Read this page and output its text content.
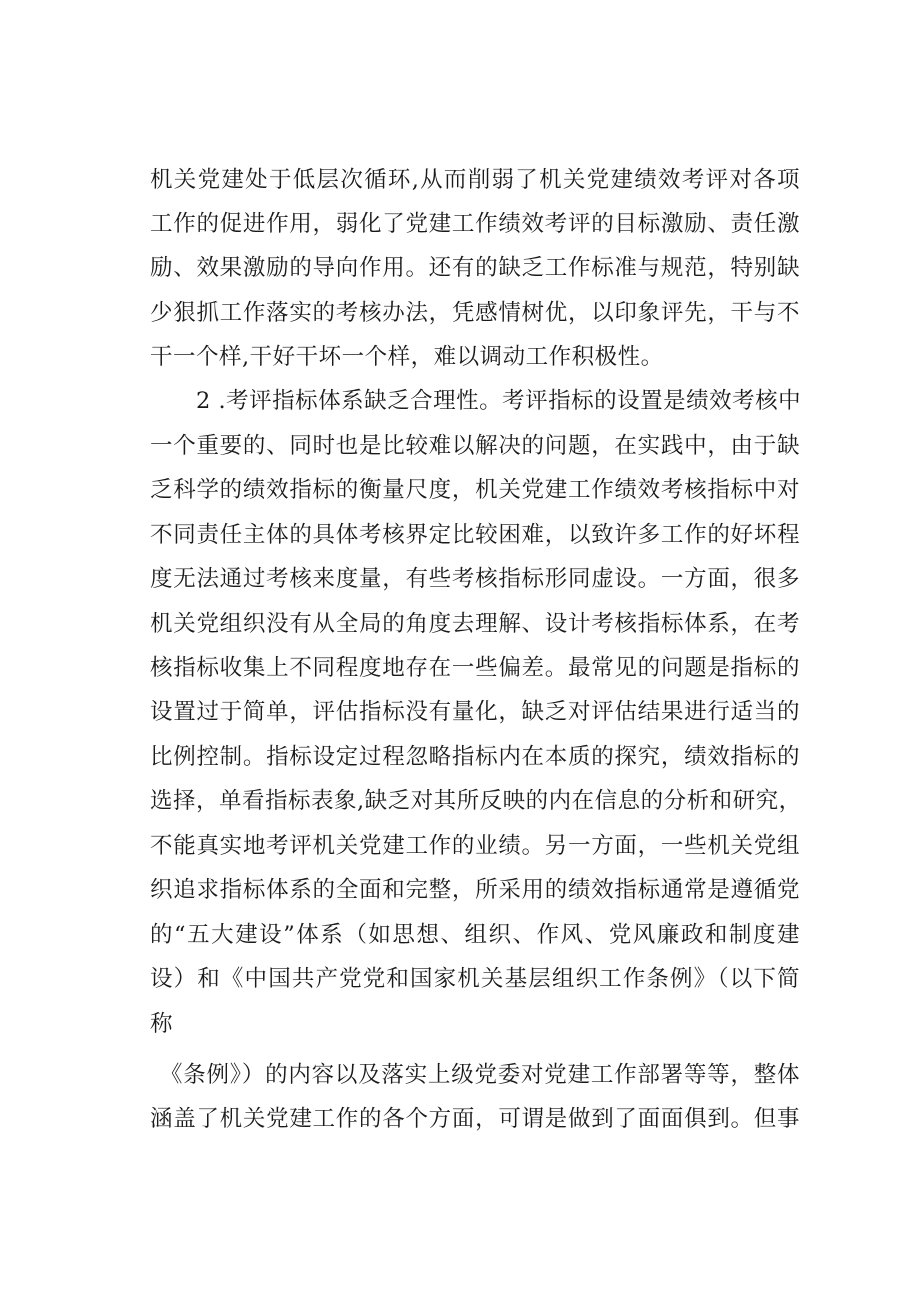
机关党建处于低层次循环,从而削弱了机关党建绩效考评对各项
工作的促进作用，弱化了党建工作绩效考评的目标激励、责任激
励、效果激励的导向作用。还有的缺乏工作标准与规范，特别缺
少狠抓工作落实的考核办法，凭感情树优，以印象评先，干与不
干一个样,干好干坏一个样，难以调动工作积极性。
2 .考评指标体系缺乏合理性。考评指标的设置是绩效考核中
一个重要的、同时也是比较难以解决的问题，在实践中，由于缺
乏科学的绩效指标的衡量尺度，机关党建工作绩效考核指标中对
不同责任主体的具体考核界定比较困难，以致许多工作的好坏程
度无法通过考核来度量，有些考核指标形同虚设。一方面，很多
机关党组织没有从全局的角度去理解、设计考核指标体系，在考
核指标收集上不同程度地存在一些偏差。最常见的问题是指标的
设置过于简单，评估指标没有量化，缺乏对评估结果进行适当的
比例控制。指标设定过程忽略指标内在本质的探究，绩效指标的
选择，单看指标表象,缺乏对其所反映的内在信息的分析和研究，
不能真实地考评机关党建工作的业绩。另一方面，一些机关党组
织追求指标体系的全面和完整，所采用的绩效指标通常是遵循党
的“五大建设”体系（如思想、组织、作风、党风廉政和制度建
设）和《中国共产党党和国家机关基层组织工作条例》（以下简
称
《条例》）的内容以及落实上级党委对党建工作部署等等，整体
涵盖了机关党建工作的各个方面，可谓是做到了面面俱到。但事
